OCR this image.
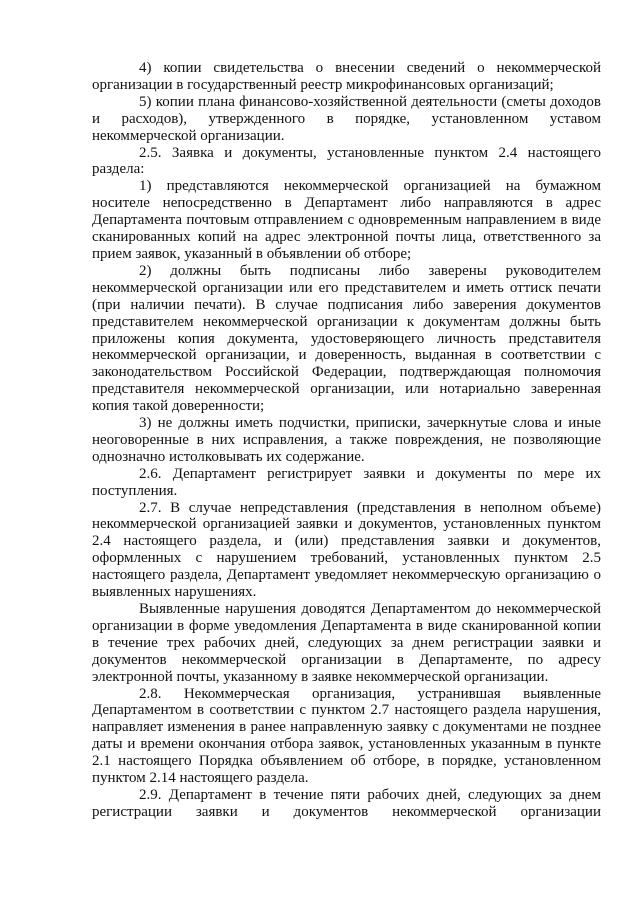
4) копии свидетельства о внесении сведений о некоммерческой организации в государственный реестр микрофинансовых организаций;

5) копии плана финансово-хозяйственной деятельности (сметы доходов и расходов), утвержденного в порядке, установленном уставом некоммерческой организации.

2.5. Заявка и документы, установленные пунктом 2.4 настоящего раздела:

1) представляются некоммерческой организацией на бумажном носителе непосредственно в Департамент либо направляются в адрес Департамента почтовым отправлением с одновременным направлением в виде сканированных копий на адрес электронной почты лица, ответственного за прием заявок, указанный в объявлении об отборе;

2) должны быть подписаны либо заверены руководителем некоммерческой организации или его представителем и иметь оттиск печати (при наличии печати). В случае подписания либо заверения документов представителем некоммерческой организации к документам должны быть приложены копия документа, удостоверяющего личность представителя некоммерческой организации, и доверенность, выданная в соответствии с законодательством Российской Федерации, подтверждающая полномочия представителя некоммерческой организации, или нотариально заверенная копия такой доверенности;

3) не должны иметь подчистки, приписки, зачеркнутые слова и иные неоговоренные в них исправления, а также повреждения, не позволяющие однозначно истолковывать их содержание.

2.6. Департамент регистрирует заявки и документы по мере их поступления.

2.7. В случае непредставления (представления в неполном объеме) некоммерческой организацией заявки и документов, установленных пунктом 2.4 настоящего раздела, и (или) представления заявки и документов, оформленных с нарушением требований, установленных пунктом 2.5 настоящего раздела, Департамент уведомляет некоммерческую организацию о выявленных нарушениях.

Выявленные нарушения доводятся Департаментом до некоммерческой организации в форме уведомления Департамента в виде сканированной копии в течение трех рабочих дней, следующих за днем регистрации заявки и документов некоммерческой организации в Департаменте, по адресу электронной почты, указанному в заявке некоммерческой организации.

2.8. Некоммерческая организация, устранившая выявленные Департаментом в соответствии с пунктом 2.7 настоящего раздела нарушения, направляет изменения в ранее направленную заявку с документами не позднее даты и времени окончания отбора заявок, установленных указанным в пункте 2.1 настоящего Порядка объявлением об отборе, в порядке, установленном пунктом 2.14 настоящего раздела.

2.9. Департамент в течение пяти рабочих дней, следующих за днем регистрации заявки и документов некоммерческой организации
